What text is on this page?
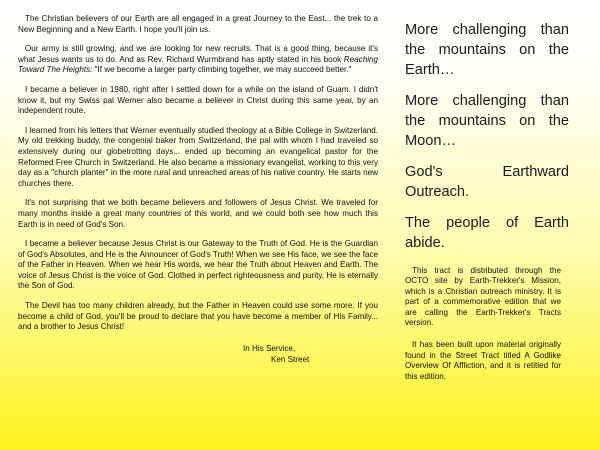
The Christian believers of our Earth are all engaged in a great Journey to the East... the trek to a New Beginning and a New Earth. I hope you'll join us.

Our army is still growing, and we are looking for new recruits. That is a good thing, because it's what Jesus wants us to do. And as Rev. Richard Wurmbrand has aptly stated in his book Reaching Toward The Heights: "If we become a larger party climbing together, we may succeed better."

I became a believer in 1980, right after I settled down for a while on the island of Guam. I didn't know it, but my Swiss pal Werner also became a believer in Christ during this same year, by an independent route.

I learned from his letters that Werner eventually studied theology at a Bible College in Switzerland. My old trekking buddy, the congenial baker from Switzerland, the pal with whom I had traveled so extensively during our globetrotting days... ended up becoming an evangelical pastor for the Reformed Free Church in Switzerland. He also became a missionary evangelist, working to this very day as a "church planter" in the more rural and unreached areas of his native country. He starts new churches there.

It's not surprising that we both became believers and followers of Jesus Christ. We traveled for many months inside a great many countries of this world, and we could both see how much this Earth is in need of God's Son.

I became a believer because Jesus Christ is our Gateway to the Truth of God. He is the Guardian of God's Absolutes, and He is the Announcer of God's Truth! When we see His face, we see the face of the Father in Heaven. When we hear His words, we hear the Truth about Heaven and Earth. The voice of Jesus Christ is the voice of God. Clothed in perfect righteousness and purity, He is eternally the Son of God.

The Devil has too many children already, but the Father in Heaven could use some more. If you become a child of God, you'll be proud to declare that you have become a member of His Family... and a brother to Jesus Christ!

In His Service,
Ken Street

More challenging than the mountains on the Earth…

More challenging than the mountains on the Moon…

God's Earthward Outreach.

The people of Earth abide.

This tract is distributed through the OCTO site by Earth-Trekker's Mission, which is a Christian outreach ministry. It is part of a commemorative edition that we are calling the Earth-Trekker's Tracts version.

It has been built upon material originally found in the Street Tract titled A Godlike Overview Of Affliction, and it is retitled for this edition.
